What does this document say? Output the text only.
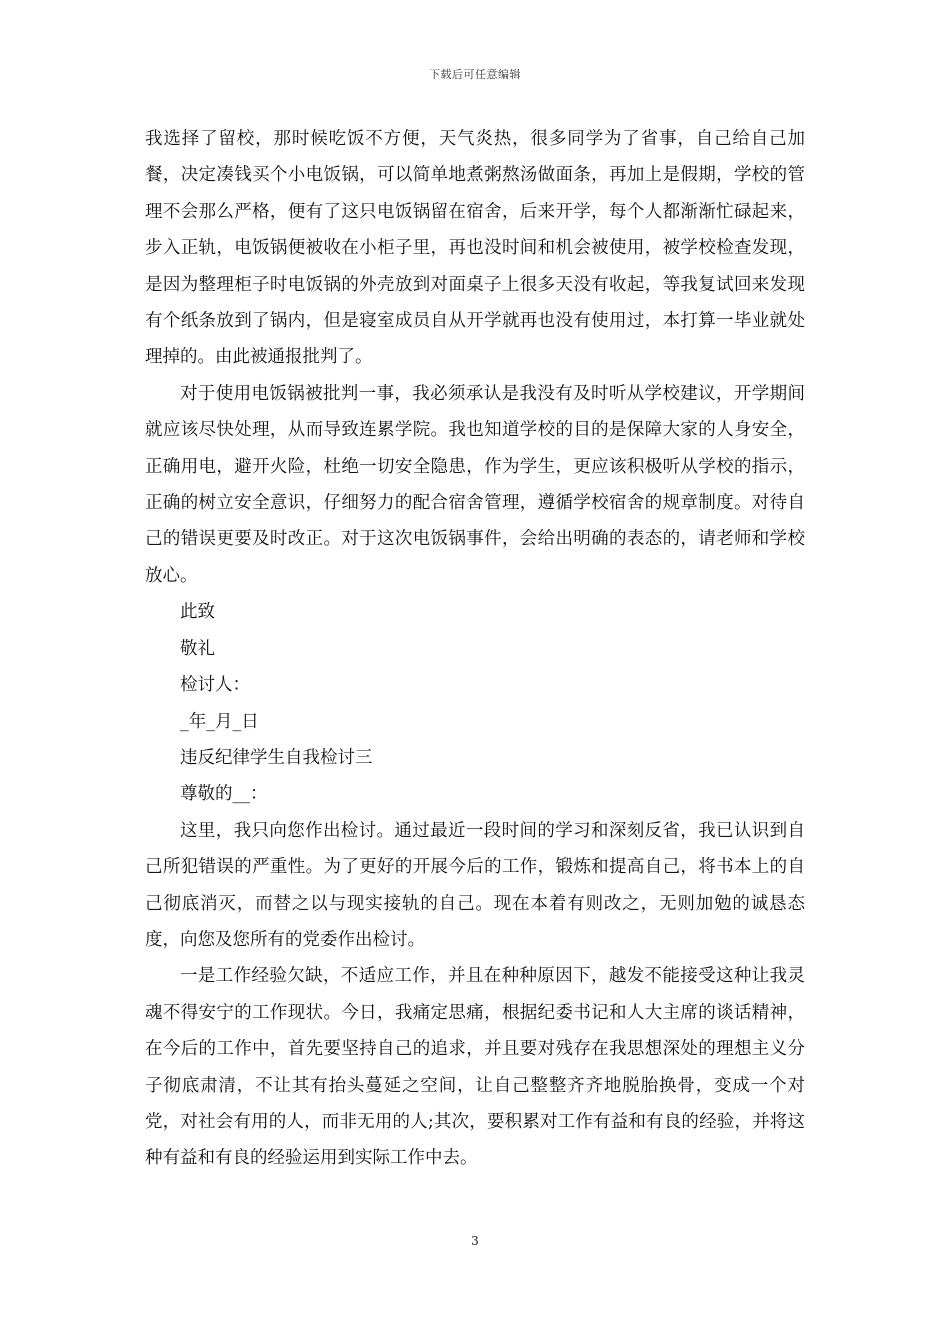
下载后可任意编辑

我选择了留校，那时候吃饭不方便，天气炎热，很多同学为了省事，自己给自己加餐，决定凑钱买个小电饭锅，可以简单地煮粥熬汤做面条，再加上是假期，学校的管理不会那么严格，便有了这只电饭锅留在宿舍，后来开学，每个人都渐渐忙碌起来，步入正轨，电饭锅便被收在小柜子里，再也没时间和机会被使用，被学校检查发现，是因为整理柜子时电饭锅的外壳放到对面桌子上很多天没有收起，等我复试回来发现有个纸条放到了锅内，但是寝室成员自从开学就再也没有使用过，本打算一毕业就处理掉的。由此被通报批判了。

对于使用电饭锅被批判一事，我必须承认是我没有及时听从学校建议，开学期间就应该尽快处理，从而导致连累学院。我也知道学校的目的是保障大家的人身安全，正确用电，避开火险，杜绝一切安全隐患，作为学生，更应该积极听从学校的指示，正确的树立安全意识，仔细努力的配合宿舍管理，遵循学校宿舍的规章制度。对待自己的错误更要及时改正。对于这次电饭锅事件，会给出明确的表态的，请老师和学校放心。

此致

敬礼

检讨人：

_年_月_日

违反纪律学生自我检讨三

尊敬的__：

这里，我只向您作出检讨。通过最近一段时间的学习和深刻反省，我已认识到自己所犯错误的严重性。为了更好的开展今后的工作，锻炼和提高自己，将书本上的自己彻底消灭，而替之以与现实接轨的自己。现在本着有则改之，无则加勉的诚恳态度，向您及您所有的党委作出检讨。

一是工作经验欠缺，不适应工作，并且在种种原因下，越发不能接受这种让我灵魂不得安宁的工作现状。今日，我痛定思痛，根据纪委书记和人大主席的谈话精神，在今后的工作中，首先要坚持自己的追求，并且要对残存在我思想深处的理想主义分子彻底肃清，不让其有抬头蔓延之空间，让自己整整齐齐地脱胎换骨，变成一个对党，对社会有用的人，而非无用的人;其次，要积累对工作有益和有良的经验，并将这种有益和有良的经验运用到实际工作中去。

3
